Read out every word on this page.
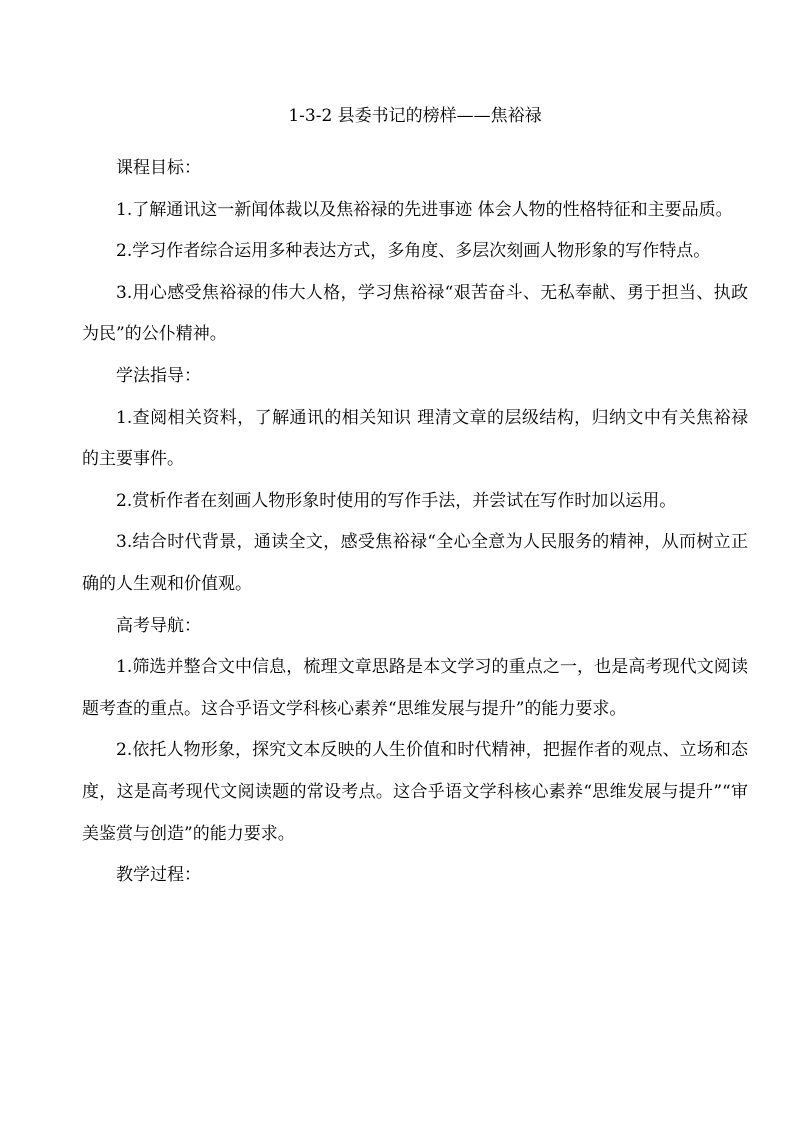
1-3-2 县委书记的榜样——焦裕禄

课程目标：

1.了解通讯这一新闻体裁以及焦裕禄的先进事迹 体会人物的性格特征和主要品质。

2.学习作者综合运用多种表达方式，多角度、多层次刻画人物形象的写作特点。

3.用心感受焦裕禄的伟大人格，学习焦裕禄“艰苦奋斗、无私奉献、勇于担当、执政为民”的公仆精神。

学法指导：

1.查阅相关资料，了解通讯的相关知识 理清文章的层级结构，归纳文中有关焦裕禄的主要事件。

2.赏析作者在刻画人物形象时使用的写作手法，并尝试在写作时加以运用。

3.结合时代背景，通读全文，感受焦裕禄“全心全意为人民服务的精神，从而树立正确的人生观和价值观。

高考导航：

1.筛选并整合文中信息，梳理文章思路是本文学习的重点之一，也是高考现代文阅读题考查的重点。这合乎语文学科核心素养“思维发展与提升”的能力要求。

2.依托人物形象，探究文本反映的人生价值和时代精神，把握作者的观点、立场和态度，这是高考现代文阅读题的常设考点。这合乎语文学科核心素养“思维发展与提升”“审美鉴赏与创造”的能力要求。

教学过程：
